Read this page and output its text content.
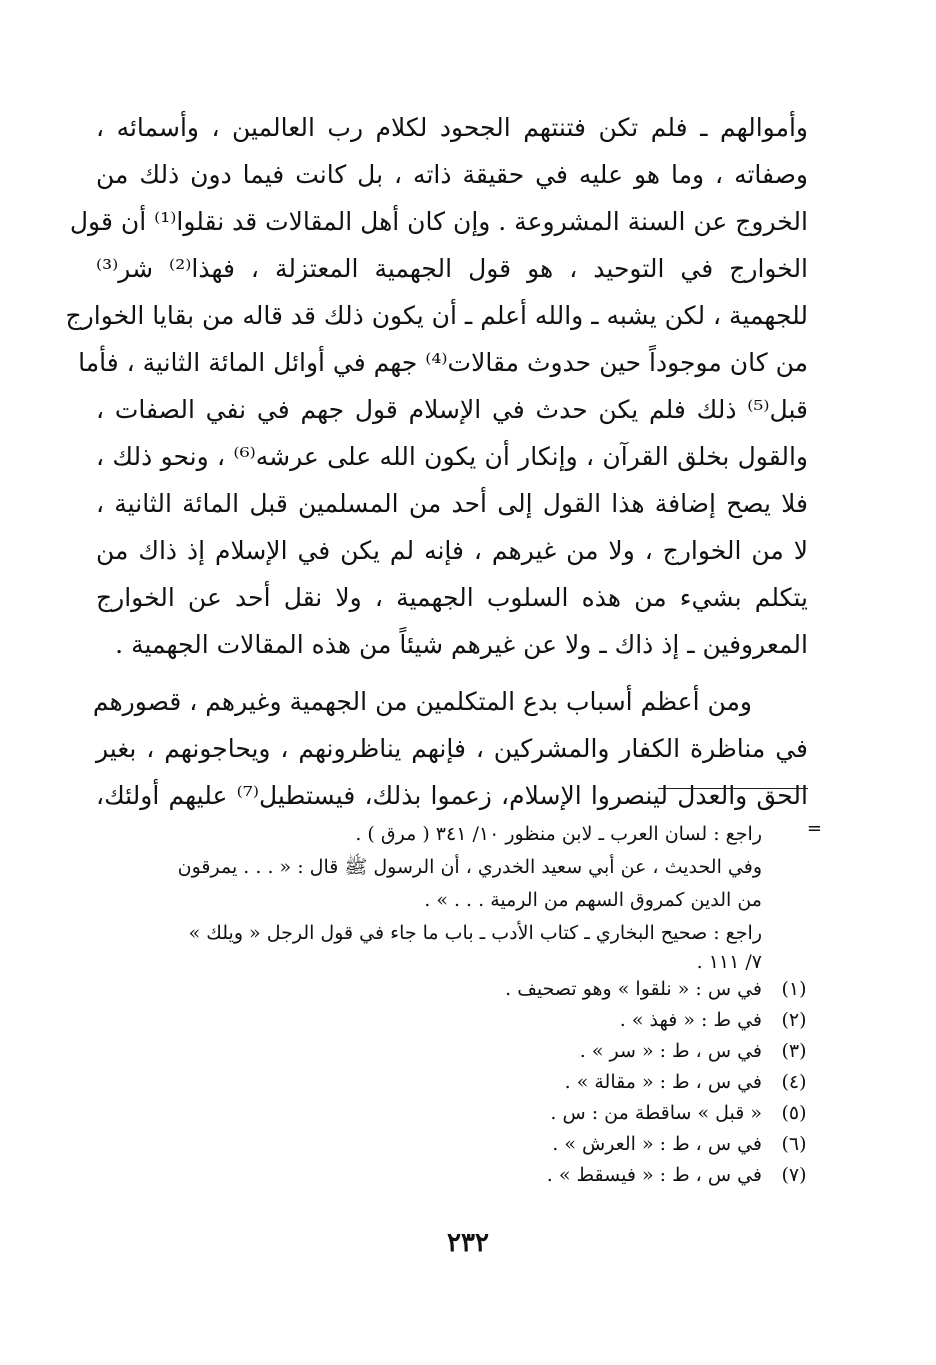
وأموالهم ـ فلم تكن فتنتهم الجحود لكلام رب العالمين ، وأسمائه ،
وصفاته ، وما هو عليه في حقيقة ذاته ، بل كانت فيما دون ذلك من
الخروج عن السنة المشروعة . وإن كان أهل المقالات قد نقلوا⁽¹⁾ أن قول
الخوارج في التوحيد ، هو قول الجهمية المعتزلة ، فهذا⁽²⁾ شر⁽³⁾
للجهمية ، لكن يشبه ـ والله أعلم ـ أن يكون ذلك قد قاله من بقايا الخوارج
من كان موجوداً حين حدوث مقالات⁽⁴⁾ جهم في أوائل المائة الثانية ، فأما
قبل⁽⁵⁾ ذلك فلم يكن حدث في الإسلام قول جهم في نفي الصفات ،
والقول بخلق القرآن ، وإنكار أن يكون الله على عرشه⁽⁶⁾ ، ونحو ذلك ،
فلا يصح إضافة هذا القول إلى أحد من المسلمين قبل المائة الثانية ،
لا من الخوارج ، ولا من غيرهم ، فإنه لم يكن في الإسلام إذ ذاك من
يتكلم بشيء من هذه السلوب الجهمية ، ولا نقل أحد عن الخوارج
المعروفين ـ إذ ذاك ـ ولا عن غيرهم شيئاً من هذه المقالات الجهمية .
ومن أعظم أسباب بدع المتكلمين من الجهمية وغيرهم ، قصورهم
في مناظرة الكفار والمشركين ، فإنهم يناظرونهم ، ويحاجونهم ، بغير
الحق والعدل لينصروا الإسلام، زعموا بذلك، فيستطيل⁽⁷⁾ عليهم أولئك،
=
راجع : لسان العرب ـ لابن منظور ١٠/ ٣٤١ ( مرق ) .
وفي الحديث ، عن أبي سعيد الخدري ، أن الرسول ﷺ قال : « . . . يمرقون
من الدين كمروق السهم من الرمية . . . » .
راجع : صحيح البخاري ـ كتاب الأدب ـ باب ما جاء في قول الرجل « ويلك »
٧/ ١١١ .
(١)
في س : « نلقوا » وهو تصحيف .
(٢)
في ط : « فهذ » .
(٣)
في س ، ط : « سر » .
(٤)
في س ، ط : « مقالة » .
(٥)
« قبل » ساقطة من : س .
(٦)
في س ، ط : « العرش » .
(٧)
في س ، ط : « فيسقط » .
٢٣٢
